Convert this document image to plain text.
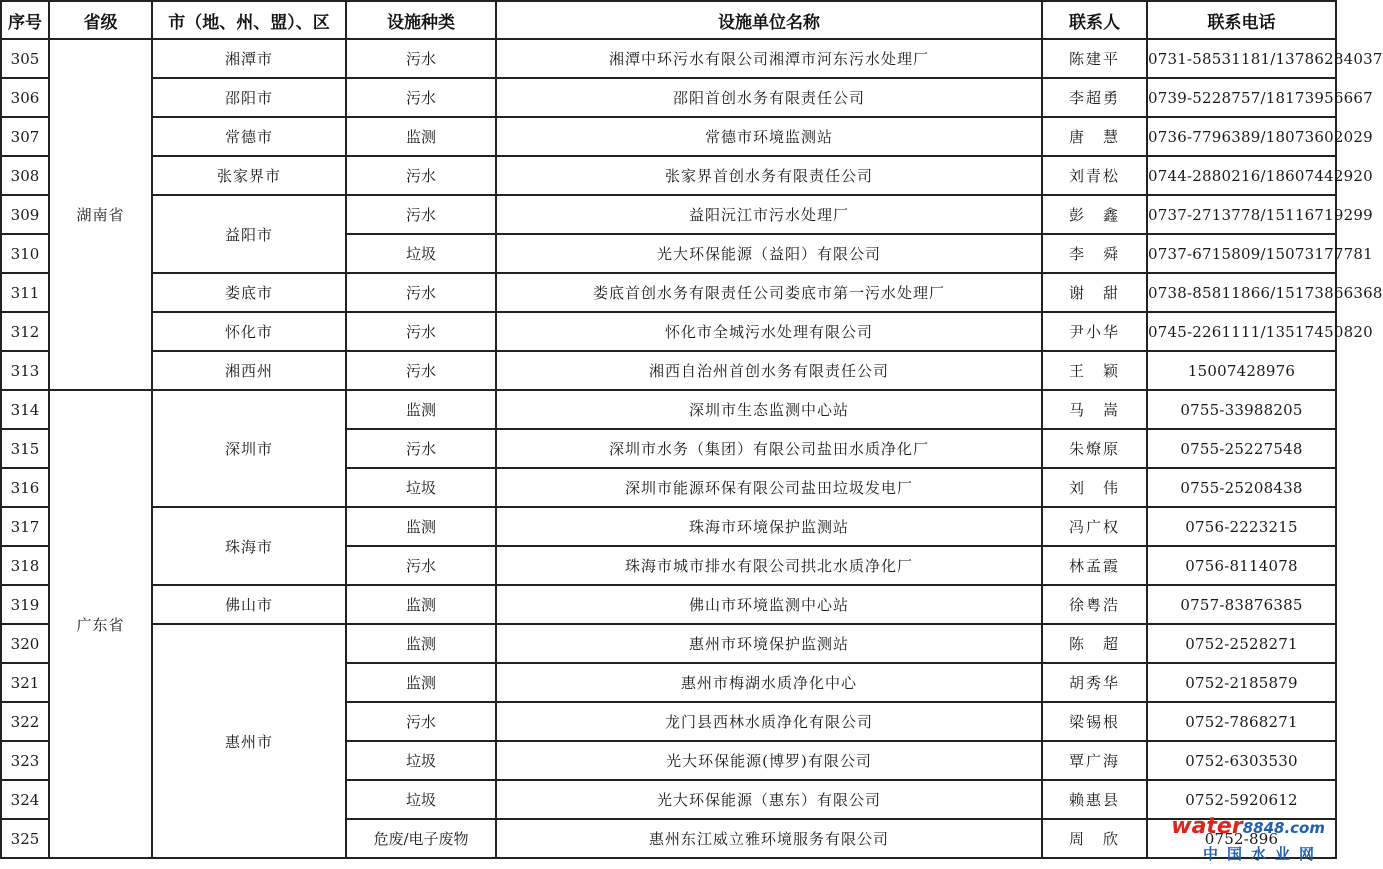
序号	省级	市（地、州、盟）、区	设施种类	设施单位名称	联系人	联系电话
305	湖南省	湘潭市	污水	湘潭中环污水有限公司湘潭市河东污水处理厂	陈建平	0731-58531181/13786284037
306		邵阳市	污水	邵阳首创水务有限责任公司	李超勇	0739-5228757/18173956667
307		常德市	监测	常德市环境监测站	唐　慧	0736-7796389/18073602029
308		张家界市	污水	张家界首创水务有限责任公司	刘青松	0744-2880216/18607442920
309		益阳市	污水	益阳沅江市污水处理厂	彭　鑫	0737-2713778/15116719299
310			垃圾	光大环保能源（益阳）有限公司	李　舜	0737-6715809/15073177781
311		娄底市	污水	娄底首创水务有限责任公司娄底市第一污水处理厂	谢　甜	0738-85811866/15173866368
312		怀化市	污水	怀化市全城污水处理有限公司	尹小华	0745-2261111/13517450820
313		湘西州	污水	湘西自治州首创水务有限责任公司	王　颖	15007428976
314	广东省	深圳市	监测	深圳市生态监测中心站	马　嵩	0755-33988205
315			污水	深圳市水务（集团）有限公司盐田水质净化厂	朱燎原	0755-25227548
316			垃圾	深圳市能源环保有限公司盐田垃圾发电厂	刘　伟	0755-25208438
317		珠海市	监测	珠海市环境保护监测站	冯广权	0756-2223215
318			污水	珠海市城市排水有限公司拱北水质净化厂	林孟霞	0756-8114078
319		佛山市	监测	佛山市环境监测中心站	徐粤浩	0757-83876385
320		惠州市	监测	惠州市环境保护监测站	陈　超	0752-2528271
321			监测	惠州市梅湖水质净化中心	胡秀华	0752-2185879
322			污水	龙门县西林水质净化有限公司	梁锡根	0752-7868271
323			垃圾	光大环保能源(博罗)有限公司	覃广海	0752-6303530
324			垃圾	光大环保能源（惠东）有限公司	赖惠县	0752-5920612
325			危废/电子废物	惠州东江威立雅环境服务有限公司	周　欣	0752-896
water8848.com
中国水业网
